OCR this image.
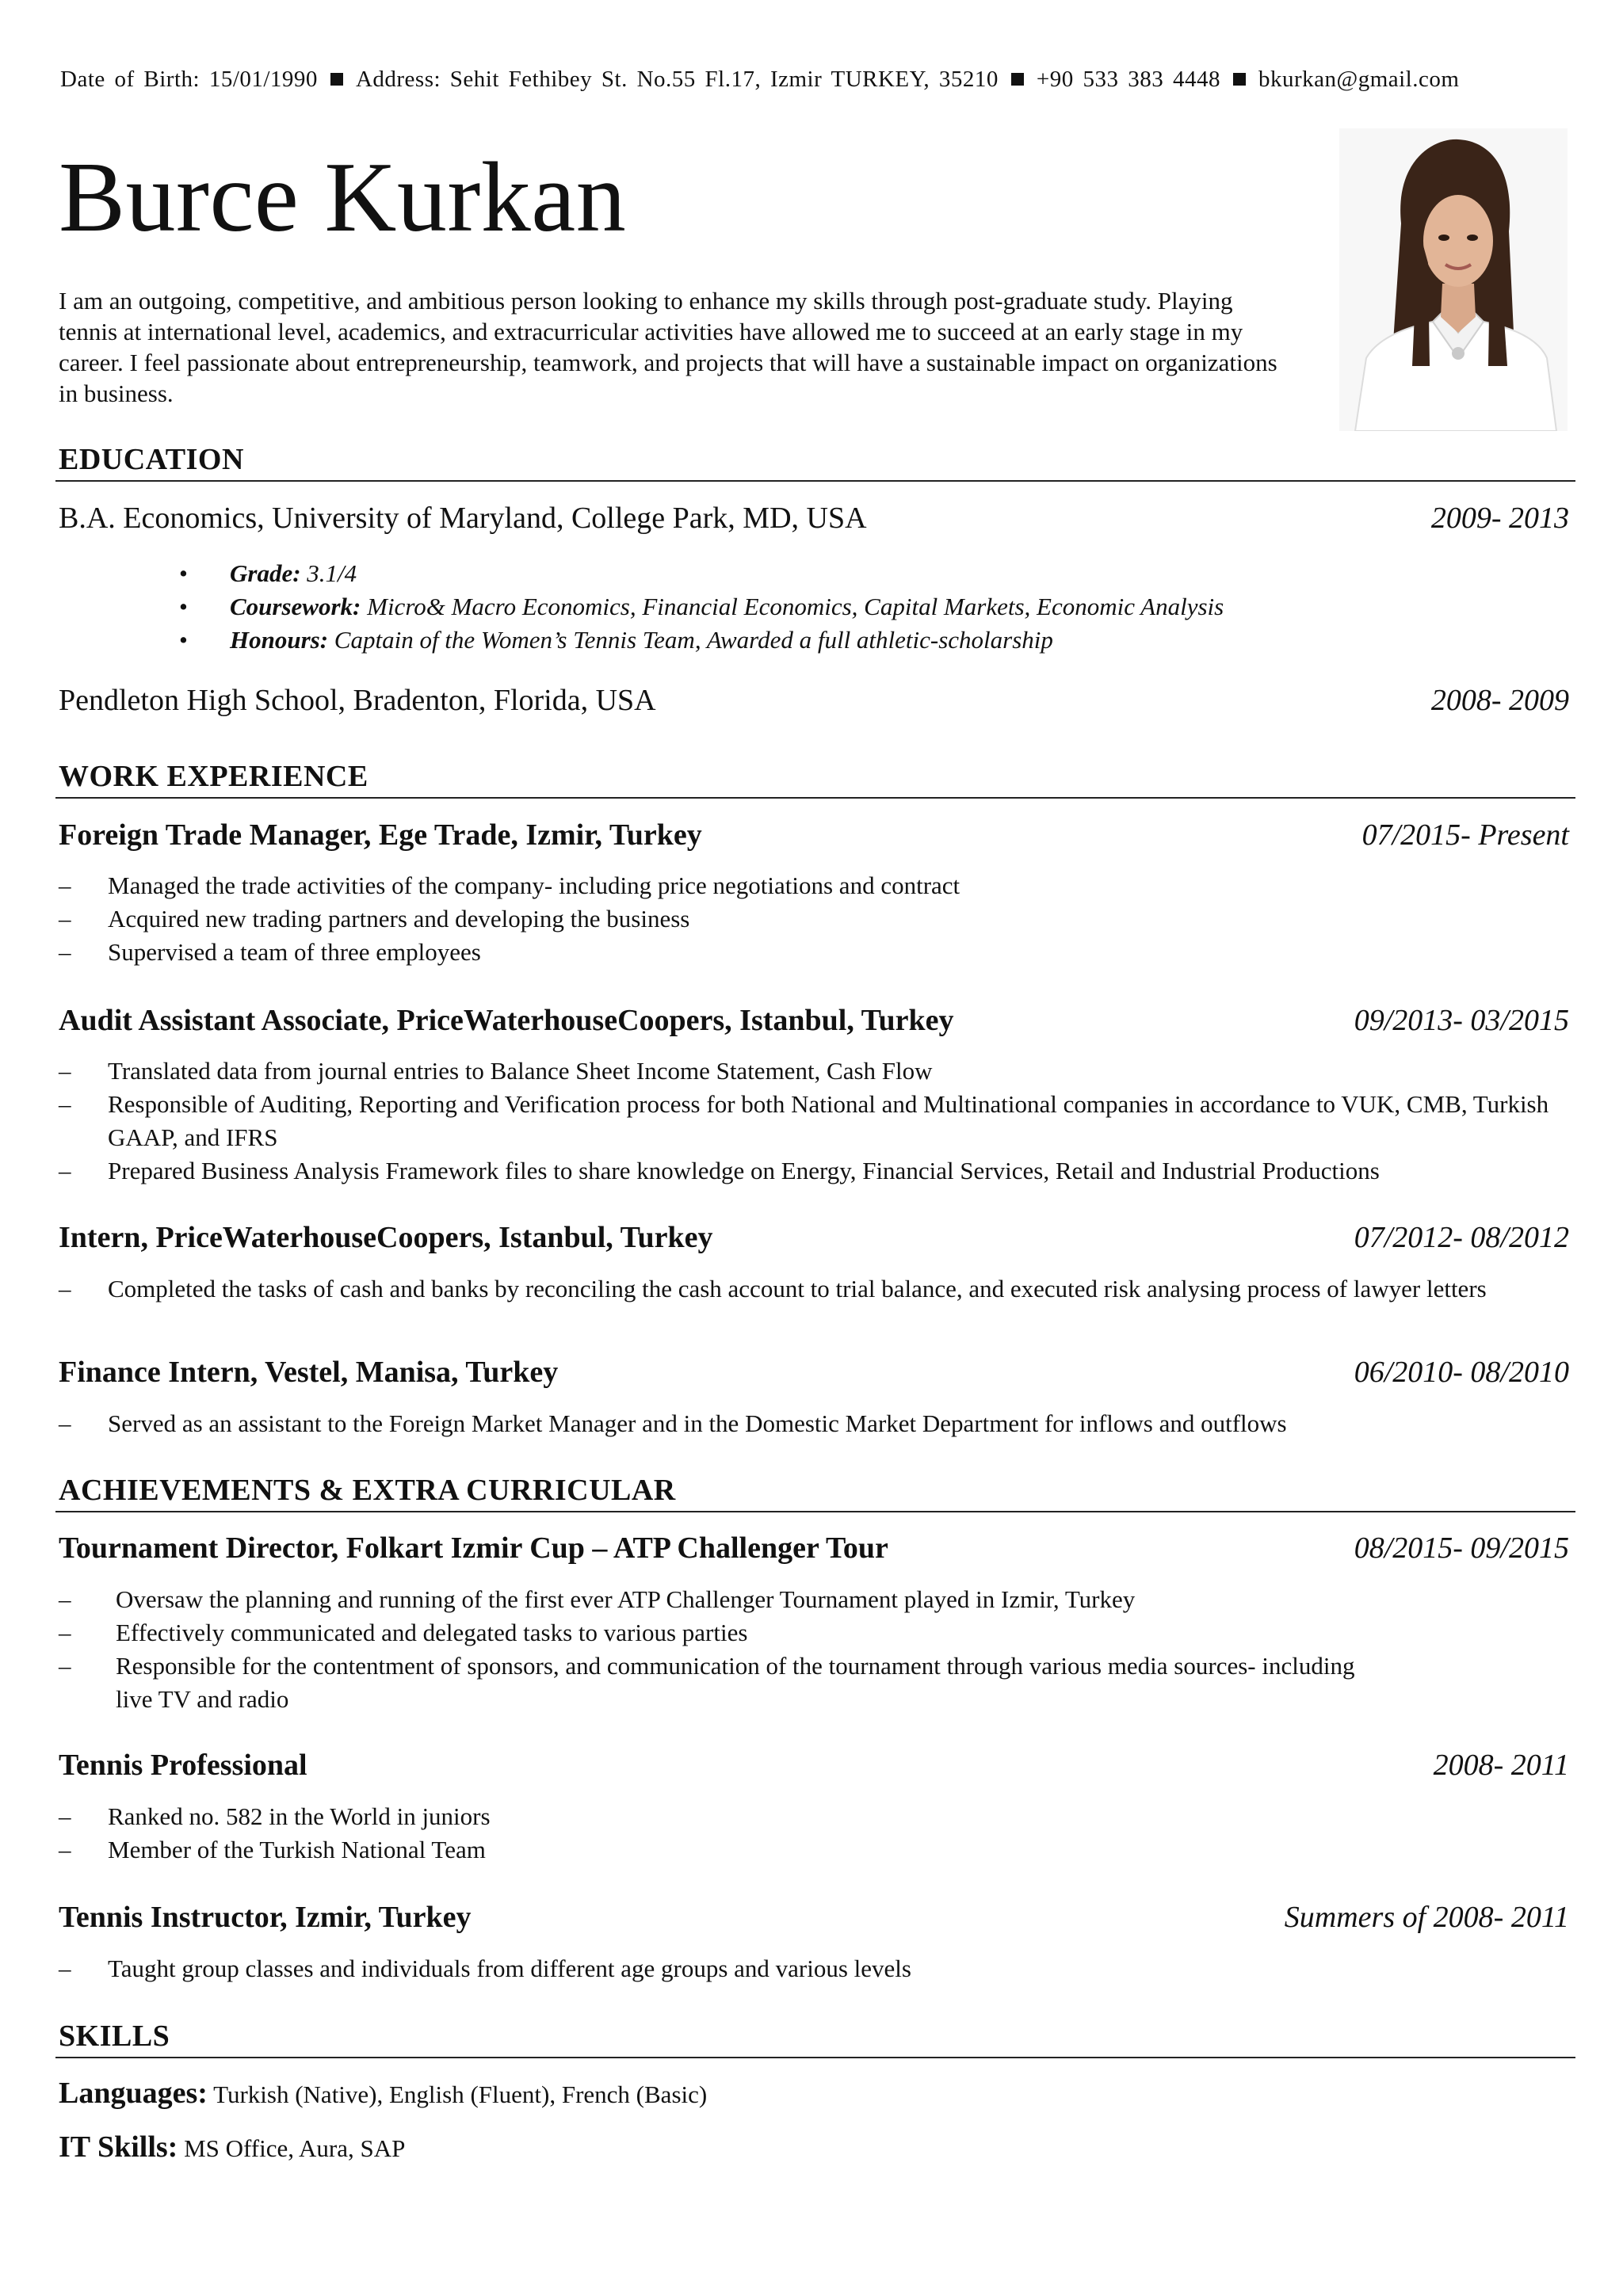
Date of Birth: 15/01/1990 Address: Sehit Fethibey St. No.55 Fl.17, Izmir TURKEY, 35210 +90 533 383 4448 bkurkan@gmail.com
Burce Kurkan
I am an outgoing, competitive, and ambitious person looking to enhance my skills through post-graduate study. Playing tennis at international level, academics, and extracurricular activities have allowed me to succeed at an early stage in my career. I feel passionate about entrepreneurship, teamwork, and projects that will have a sustainable impact on organizations in business.
EDUCATION
B.A. Economics, University of Maryland, College Park, MD, USA	2009- 2013
• Grade: 3.1/4
• Coursework: Micro& Macro Economics, Financial Economics, Capital Markets, Economic Analysis
• Honours: Captain of the Women’s Tennis Team, Awarded a full athletic-scholarship
Pendleton High School, Bradenton, Florida, USA	2008- 2009
WORK EXPERIENCE
Foreign Trade Manager, Ege Trade, Izmir, Turkey	07/2015- Present
– Managed the trade activities of the company- including price negotiations and contract
– Acquired new trading partners and developing the business
– Supervised a team of three employees
Audit Assistant Associate, PriceWaterhouseCoopers, Istanbul, Turkey	09/2013- 03/2015
– Translated data from journal entries to Balance Sheet Income Statement, Cash Flow
– Responsible of Auditing, Reporting and Verification process for both National and Multinational companies in accordance to VUK, CMB, Turkish GAAP, and IFRS
– Prepared Business Analysis Framework files to share knowledge on Energy, Financial Services, Retail and Industrial Productions
Intern, PriceWaterhouseCoopers, Istanbul, Turkey	07/2012- 08/2012
– Completed the tasks of cash and banks by reconciling the cash account to trial balance, and executed risk analysing process of lawyer letters
Finance Intern, Vestel, Manisa, Turkey	06/2010- 08/2010
– Served as an assistant to the Foreign Market Manager and in the Domestic Market Department for inflows and outflows
ACHIEVEMENTS & EXTRA CURRICULAR
Tournament Director, Folkart Izmir Cup – ATP Challenger Tour	08/2015- 09/2015
– Oversaw the planning and running of the first ever ATP Challenger Tournament played in Izmir, Turkey
– Effectively communicated and delegated tasks to various parties
– Responsible for the contentment of sponsors, and communication of the tournament through various media sources- including live TV and radio
Tennis Professional	2008- 2011
– Ranked no. 582 in the World in juniors
– Member of the Turkish National Team
Tennis Instructor, Izmir, Turkey	Summers of 2008- 2011
– Taught group classes and individuals from different age groups and various levels
SKILLS
Languages: Turkish (Native), English (Fluent), French (Basic)
IT Skills: MS Office, Aura, SAP
